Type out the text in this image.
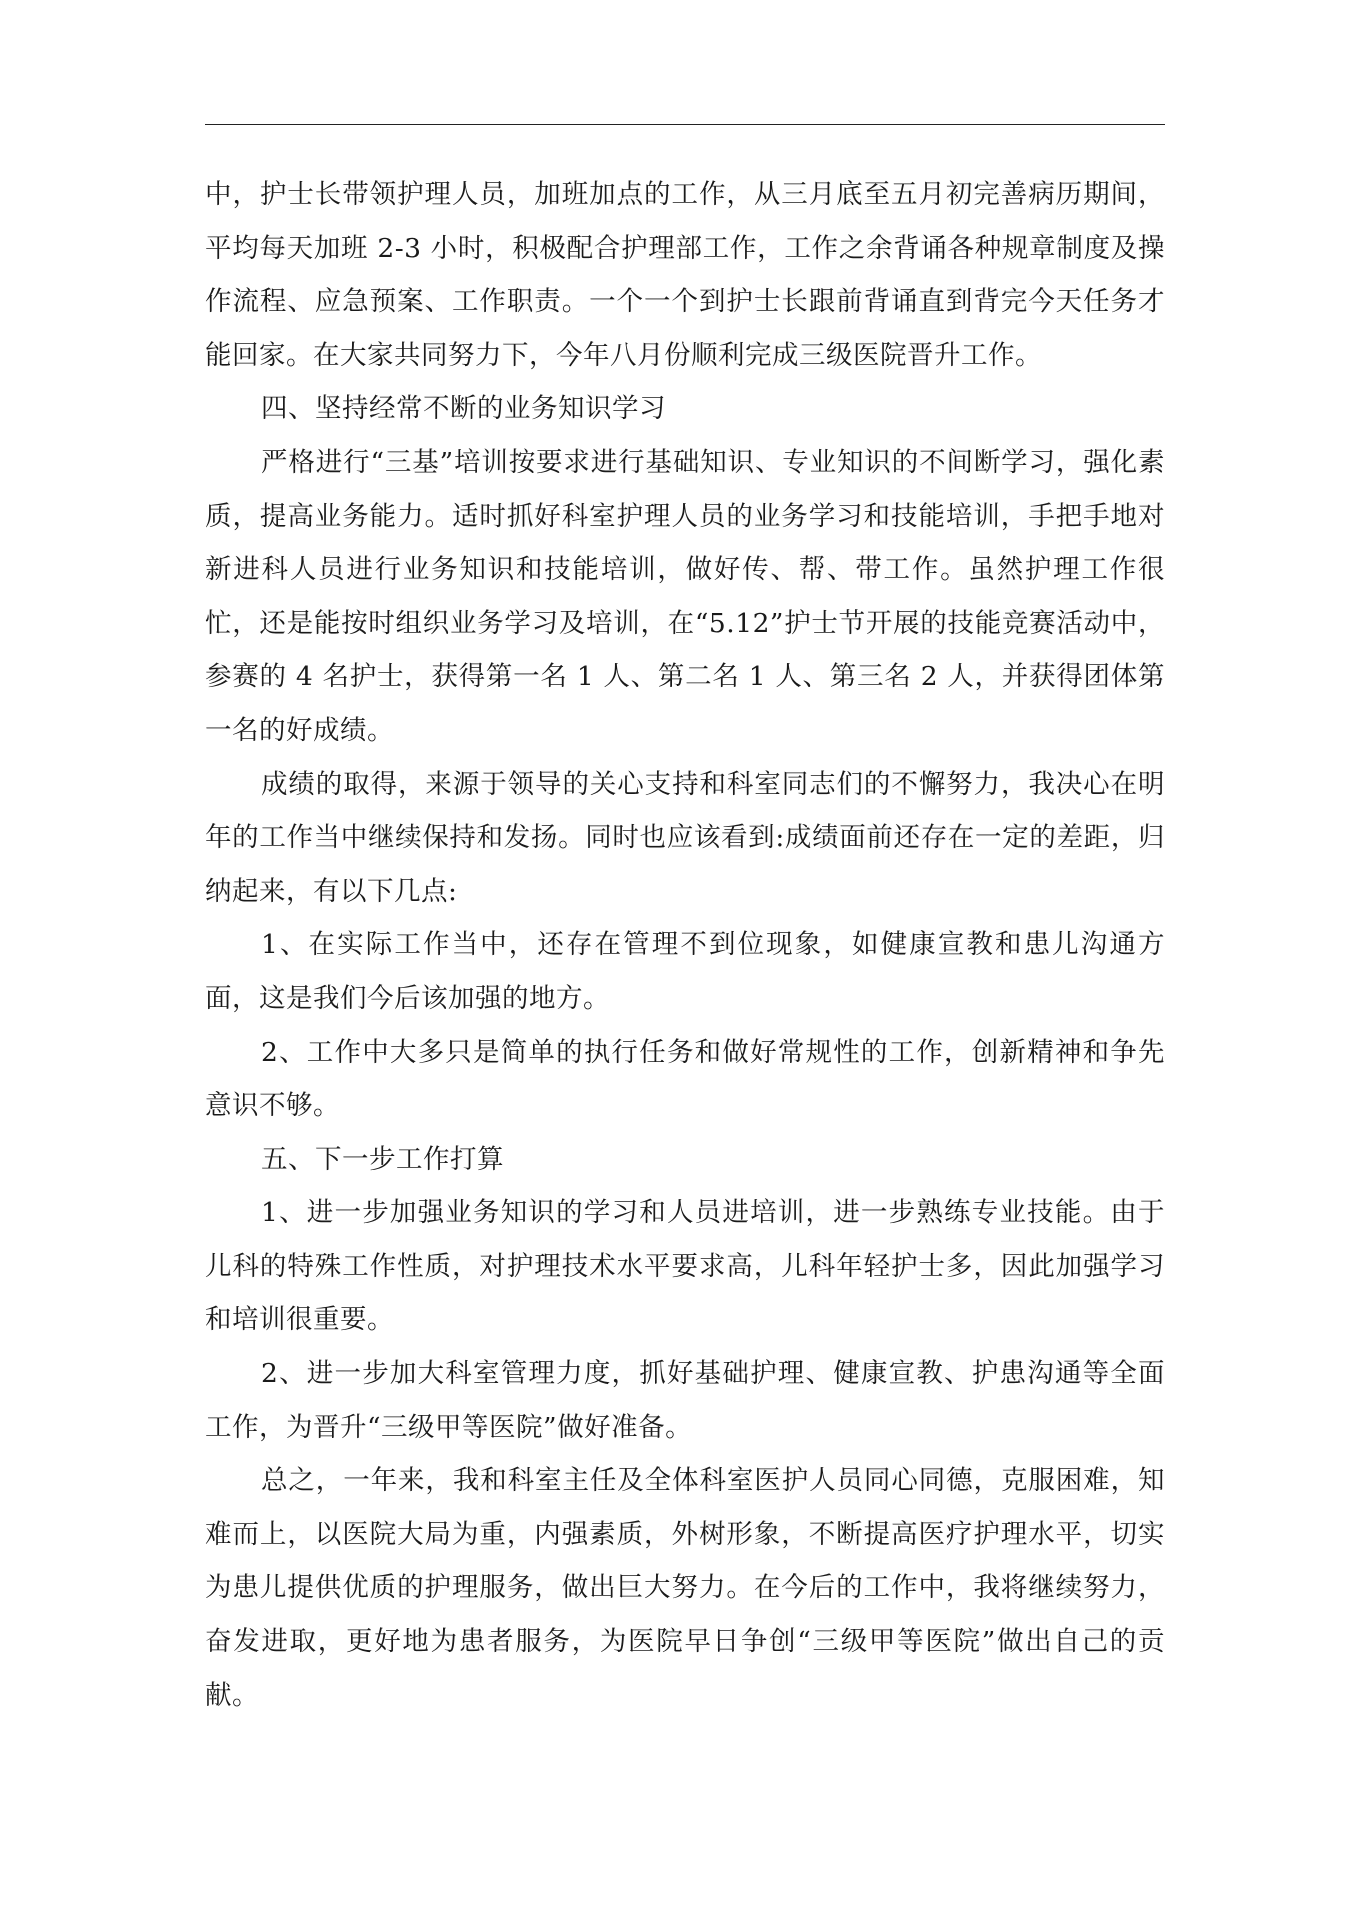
中，护士长带领护理人员，加班加点的工作，从三月底至五月初完善病历期间，平均每天加班 2-3 小时，积极配合护理部工作，工作之余背诵各种规章制度及操作流程、应急预案、工作职责。一个一个到护士长跟前背诵直到背完今天任务才能回家。在大家共同努力下，今年八月份顺利完成三级医院晋升工作。

四、坚持经常不断的业务知识学习

严格进行“三基”培训按要求进行基础知识、专业知识的不间断学习，强化素质，提高业务能力。适时抓好科室护理人员的业务学习和技能培训，手把手地对新进科人员进行业务知识和技能培训，做好传、帮、带工作。虽然护理工作很忙，还是能按时组织业务学习及培训，在“5.12”护士节开展的技能竞赛活动中，参赛的 4 名护士，获得第一名 1 人、第二名 1 人、第三名 2 人，并获得团体第一名的好成绩。

成绩的取得，来源于领导的关心支持和科室同志们的不懈努力，我决心在明年的工作当中继续保持和发扬。同时也应该看到:成绩面前还存在一定的差距，归纳起来，有以下几点:

1、在实际工作当中，还存在管理不到位现象，如健康宣教和患儿沟通方面，这是我们今后该加强的地方。

2、工作中大多只是简单的执行任务和做好常规性的工作，创新精神和争先意识不够。

五、下一步工作打算

1、进一步加强业务知识的学习和人员进培训，进一步熟练专业技能。由于儿科的特殊工作性质，对护理技术水平要求高，儿科年轻护士多，因此加强学习和培训很重要。

2、进一步加大科室管理力度，抓好基础护理、健康宣教、护患沟通等全面工作，为晋升“三级甲等医院”做好准备。

总之，一年来，我和科室主任及全体科室医护人员同心同德，克服困难，知难而上，以医院大局为重，内强素质，外树形象，不断提高医疗护理水平，切实为患儿提供优质的护理服务，做出巨大努力。在今后的工作中，我将继续努力，奋发进取，更好地为患者服务，为医院早日争创“三级甲等医院”做出自己的贡献。
